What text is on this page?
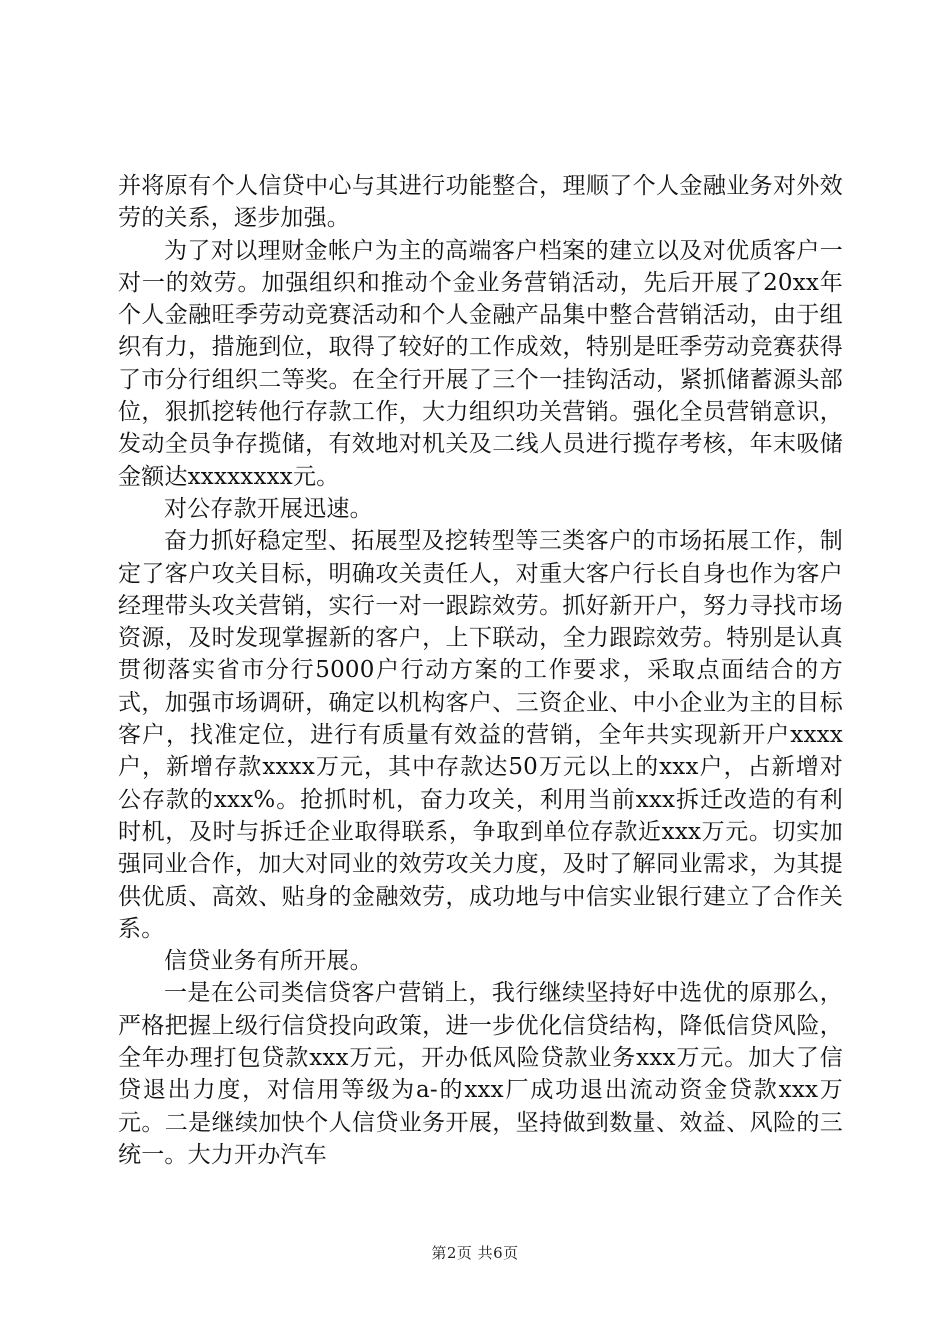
并将原有个人信贷中心与其进行功能整合，理顺了个人金融业务对外效劳的关系，逐步加强。

为了对以理财金帐户为主的高端客户档案的建立以及对优质客户一对一的效劳。加强组织和推动个金业务营销活动，先后开展了20xx年个人金融旺季劳动竞赛活动和个人金融产品集中整合营销活动，由于组织有力，措施到位，取得了较好的工作成效，特别是旺季劳动竞赛获得了市分行组织二等奖。在全行开展了三个一挂钩活动，紧抓储蓄源头部位，狠抓挖转他行存款工作，大力组织功关营销。强化全员营销意识，发动全员争存揽储，有效地对机关及二线人员进行揽存考核，年末吸储金额达xxxxxxxx元。

对公存款开展迅速。

奋力抓好稳定型、拓展型及挖转型等三类客户的市场拓展工作，制定了客户攻关目标，明确攻关责任人，对重大客户行长自身也作为客户经理带头攻关营销，实行一对一跟踪效劳。抓好新开户，努力寻找市场资源，及时发现掌握新的客户，上下联动，全力跟踪效劳。特别是认真贯彻落实省市分行5000户行动方案的工作要求，采取点面结合的方式，加强市场调研，确定以机构客户、三资企业、中小企业为主的目标客户，找准定位，进行有质量有效益的营销，全年共实现新开户xxxx户，新增存款xxxx万元，其中存款达50万元以上的xxx户，占新增对公存款的xxx%。抢抓时机，奋力攻关，利用当前xxx拆迁改造的有利时机，及时与拆迁企业取得联系，争取到单位存款近xxx万元。切实加强同业合作，加大对同业的效劳攻关力度，及时了解同业需求，为其提供优质、高效、贴身的金融效劳，成功地与中信实业银行建立了合作关系。

信贷业务有所开展。

一是在公司类信贷客户营销上，我行继续坚持好中选优的原那么，严格把握上级行信贷投向政策，进一步优化信贷结构，降低信贷风险，全年办理打包贷款xxx万元，开办低风险贷款业务xxx万元。加大了信贷退出力度，对信用等级为a-的xxx厂成功退出流动资金贷款xxx万元。二是继续加快个人信贷业务开展，坚持做到数量、效益、风险的三统一。大力开办汽车

第2页 共6页
